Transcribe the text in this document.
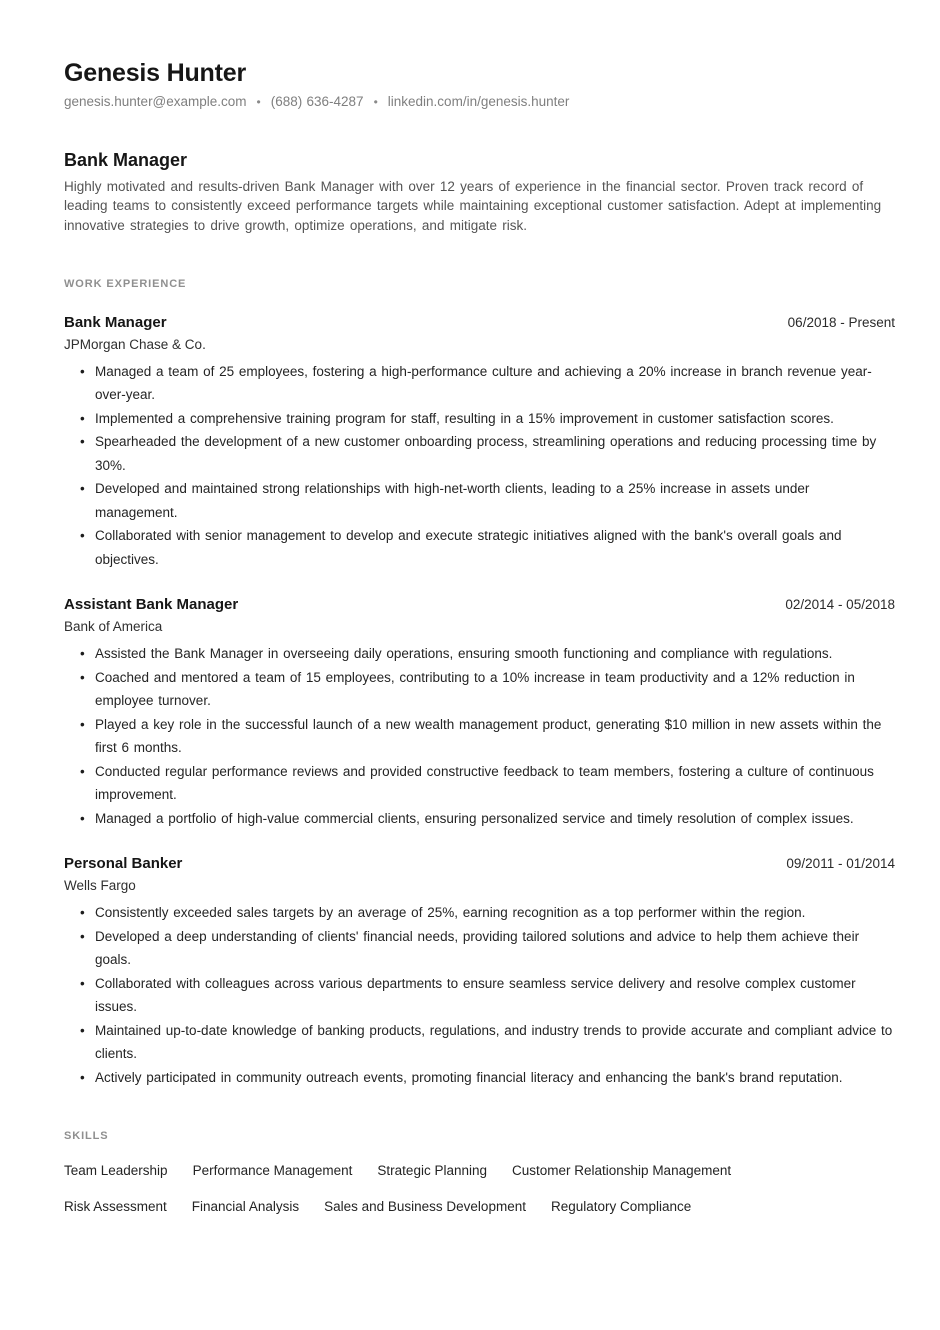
Genesis Hunter
genesis.hunter@example.com • (688) 636-4287 • linkedin.com/in/genesis.hunter
Bank Manager

Highly motivated and results-driven Bank Manager with over 12 years of experience in the financial sector. Proven track record of leading teams to consistently exceed performance targets while maintaining exceptional customer satisfaction. Adept at implementing innovative strategies to drive growth, optimize operations, and mitigate risk.

WORK EXPERIENCE
Bank Manager	06/2018 - Present
JPMorgan Chase & Co.
• Managed a team of 25 employees, fostering a high-performance culture and achieving a 20% increase in branch revenue year-over-year.
• Implemented a comprehensive training program for staff, resulting in a 15% improvement in customer satisfaction scores.
• Spearheaded the development of a new customer onboarding process, streamlining operations and reducing processing time by 30%.
• Developed and maintained strong relationships with high-net-worth clients, leading to a 25% increase in assets under management.
• Collaborated with senior management to develop and execute strategic initiatives aligned with the bank's overall goals and objectives.
Assistant Bank Manager	02/2014 - 05/2018
Bank of America
• Assisted the Bank Manager in overseeing daily operations, ensuring smooth functioning and compliance with regulations.
• Coached and mentored a team of 15 employees, contributing to a 10% increase in team productivity and a 12% reduction in employee turnover.
• Played a key role in the successful launch of a new wealth management product, generating $10 million in new assets within the first 6 months.
• Conducted regular performance reviews and provided constructive feedback to team members, fostering a culture of continuous improvement.
• Managed a portfolio of high-value commercial clients, ensuring personalized service and timely resolution of complex issues.
Personal Banker	09/2011 - 01/2014
Wells Fargo
• Consistently exceeded sales targets by an average of 25%, earning recognition as a top performer within the region.
• Developed a deep understanding of clients' financial needs, providing tailored solutions and advice to help them achieve their goals.
• Collaborated with colleagues across various departments to ensure seamless service delivery and resolve complex customer issues.
• Maintained up-to-date knowledge of banking products, regulations, and industry trends to provide accurate and compliant advice to clients.
• Actively participated in community outreach events, promoting financial literacy and enhancing the bank's brand reputation.
SKILLS
Team Leadership Performance Management Strategic Planning Customer Relationship Management
Risk Assessment Financial Analysis Sales and Business Development Regulatory Compliance
